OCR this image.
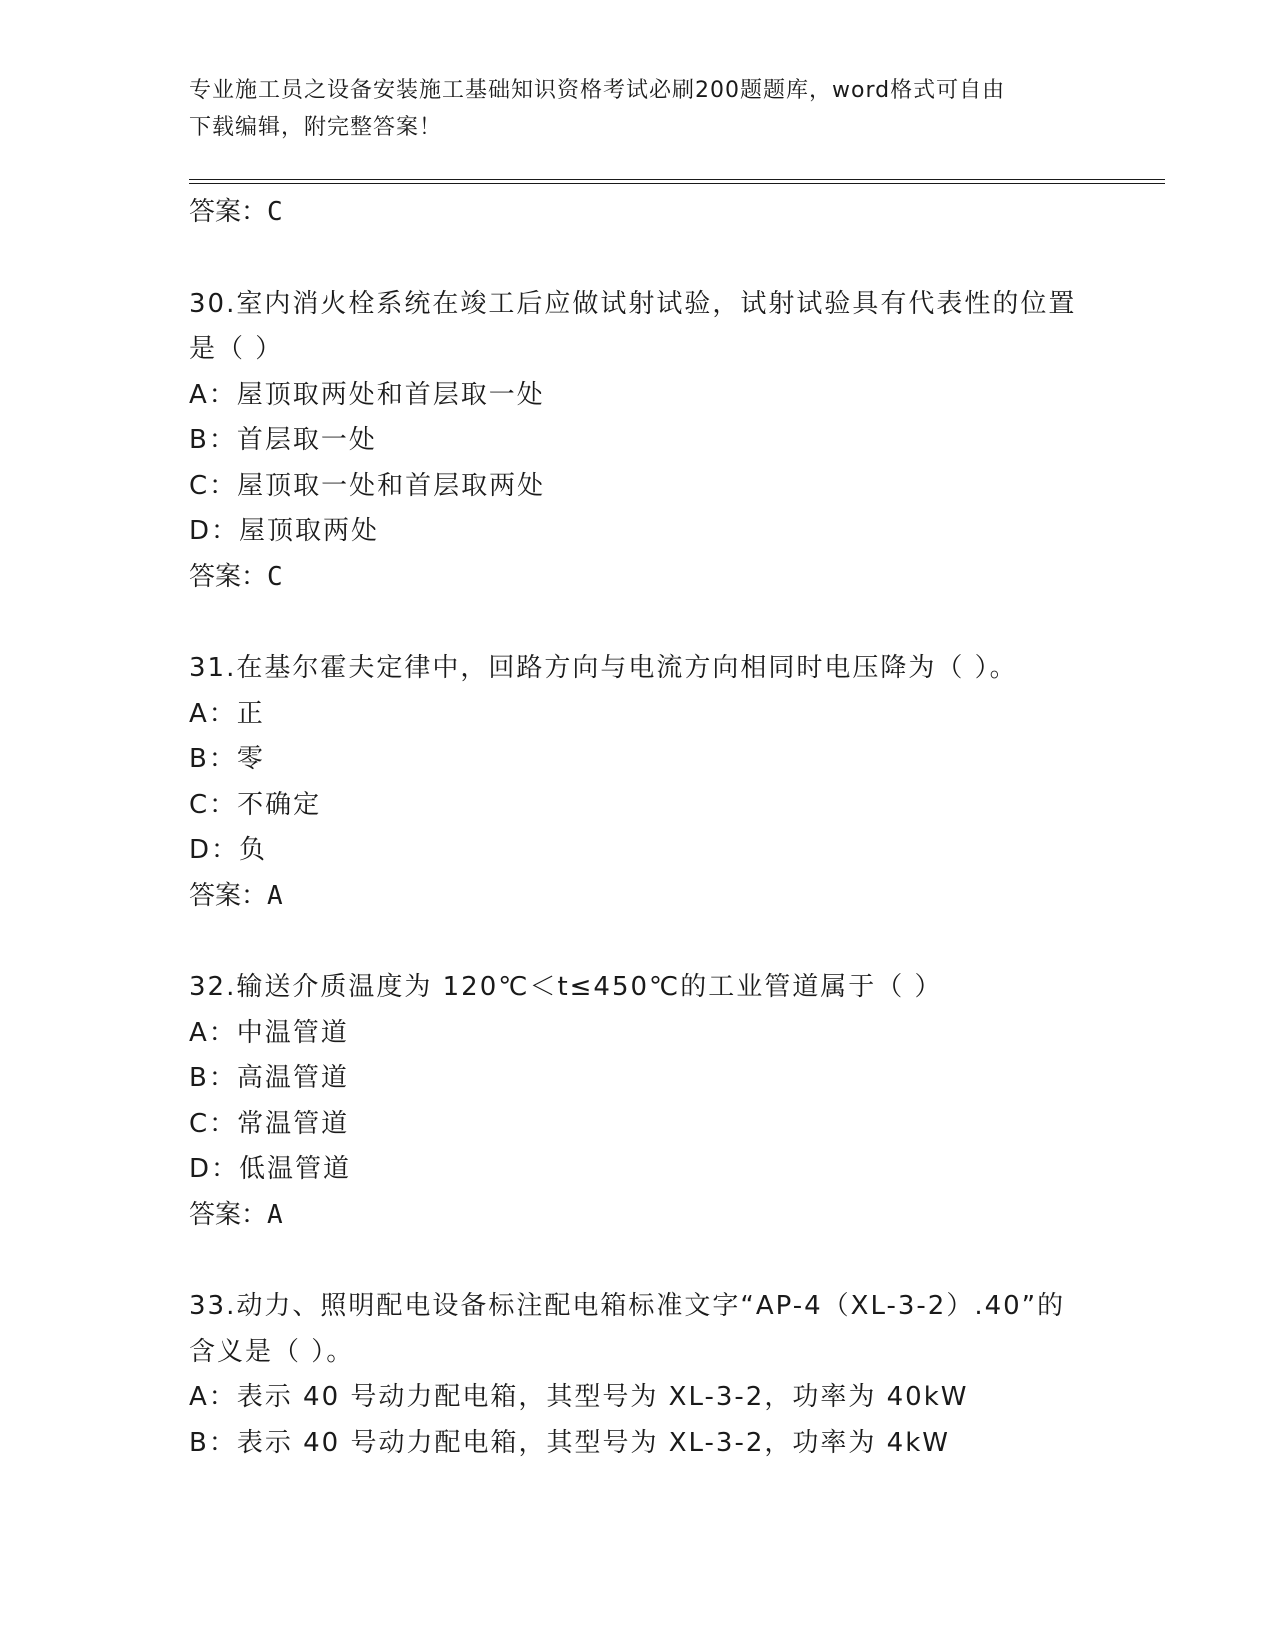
专业施工员之设备安装施工基础知识资格考试必刷200题题库，word格式可自由
下载编辑，附完整答案！
答案：C
30.室内消火栓系统在竣工后应做试射试验，试射试验具有代表性的位置是（ ）
A：屋顶取两处和首层取一处
B：首层取一处
C：屋顶取一处和首层取两处
D：屋顶取两处
答案：C
31.在基尔霍夫定律中，回路方向与电流方向相同时电压降为（ ）。
A：正
B：零
C：不确定
D：负
答案：A
32.输送介质温度为 120℃＜t≤450℃的工业管道属于（ ）
A：中温管道
B：高温管道
C：常温管道
D：低温管道
答案：A
33.动力、照明配电设备标注配电箱标准文字“AP-4（XL-3-2）.40”的含义是（ ）。
A：表示 40 号动力配电箱，其型号为 XL-3-2，功率为 40kW
B：表示 40 号动力配电箱，其型号为 XL-3-2，功率为 4kW
